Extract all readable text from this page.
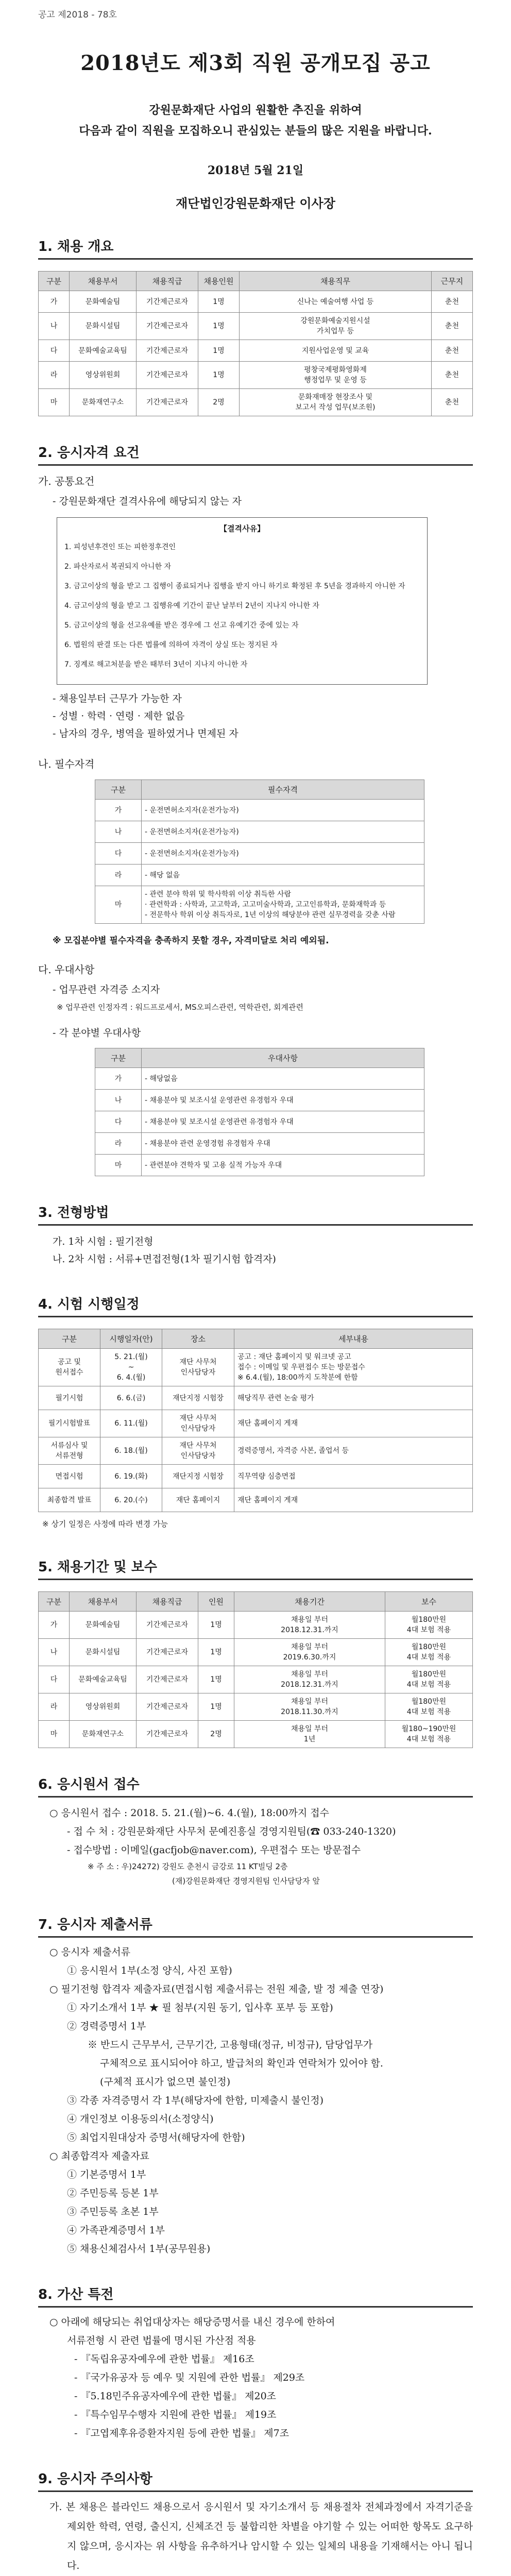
공고 제2018 - 78호
2018년도 제3회 직원 공개모집 공고

강원문화재단 사업의 원활한 추진을 위하여

다음과 같이 직원을 모집하오니 관심있는 분들의 많은 지원을 바랍니다.

2018년 5월 21일
재단법인강원문화재단 이사장
1. 채용 개요
구분	채용부서	채용직급	채용인원	채용직무	근무지
가	문화예술팀	기간제근로자	1명	신나는 예술여행 사업 등	춘천
나	문화시설팀	기간제근로자	1명	강원문화예술지원시설
가치업무 등	춘천
다	문화예술교육팀	기간제근로자	1명	지원사업운영 및 교육	춘천
라	영상위원회	기간제근로자	1명	평창국제평화영화제
행정업무 및 운영 등	춘천
마	문화재연구소	기간제근로자	2명	문화재매장 현장조사 및
보고서 작성 업무(보조원)	춘천
2. 응시자격 요건

가. 공통요건

- 강원문화재단 결격사유에 해당되지 않는 자

【결격사유】

1. 피성년후견인 또는 피한정후견인

2. 파산자로서 복권되지 아니한 자

3. 금고이상의 형을 받고 그 집행이 종료되거나 집행을 받지 아니 하기로 확정된 후 5년을 경과하지 아니한 자

4. 금고이상의 형을 받고 그 집행유예 기간이 끝난 날부터 2년이 지나지 아니한 자

5. 금고이상의 형을 선고유예를 받은 경우에 그 선고 유예기간 중에 있는 자

6. 법원의 판결 또는 다른 법률에 의하여 자격이 상실 또는 정지된 자

7. 징계로 해고처분을 받은 때부터 3년이 지나지 아니한 자

- 채용일부터 근무가 가능한 자

- 성별 · 학력 · 연령 · 제한 없음

- 남자의 경우, 병역을 필하였거나 면제된 자

나. 필수자격

구분	필수자격
가	- 운전면허소지자(운전가능자)
나	- 운전면허소지자(운전가능자)
다	- 운전면허소지자(운전가능자)
라	- 해당 없음
마	- 관련 분야 학위 및 학사학위 이상 취득한 사람
· 관련학과 : 사학과, 고고학과, 고고미술사학과, 고고인류학과, 문화재학과 등
- 전문학사 학위 이상 취득자로, 1년 이상의 해당분야 관련 실무경력을 갖춘 사람

※ 모집분야별 필수자격을 충족하지 못할 경우, 자격미달로 처리 예외됨.

다. 우대사항

- 업무관련 자격증 소지자

※ 업무관련 인정자격 : 워드프로세서, MS오피스관련, 역학관련, 회계관련

- 각 분야별 우대사항

구분	우대사항
가	- 해당없음
나	- 채용분야 및 보조시설 운영관련 유경험자 우대
다	- 채용분야 및 보조시설 운영관련 유경험자 우대
라	- 채용분야 관련 운영경험 유경험자 우대
마	- 관련분야 견학자 및 고용 실적 가능자 우대
3. 전형방법

가. 1차 시험 : 필기전형

나. 2차 시험 : 서류+면접전형(1차 필기시험 합격자)

4. 시험 시행일정
구분	시행일자(안)	장소	세부내용
공고 및
원서접수	5. 21.(월)
~
6. 4.(월)	재단 사무처
인사담당자	공고 : 재단 홈페이지 및 워크넷 공고
접수 : 이메일 및 우편접수 또는 방문접수
※ 6.4.(월), 18:00까지 도착분에 한함
필기시험	6. 6.(금)	재단지정 시험장	해당직무 관련 논술 평가
필기시험발표	6. 11.(월)	재단 사무처
인사담당자	재단 홈페이지 게재
서류심사 및
서류전형	6. 18.(월)	재단 사무처
인사담당자	경력증명서, 자격증 사본, 졸업서 등
면접시험	6. 19.(화)	재단지정 시험장	직무역량 심층면접
최종합격 발표	6. 20.(수)	재단 홈페이지	재단 홈페이지 게재

※ 상기 일정은 사정에 따라 변경 가능

5. 채용기간 및 보수
구분	채용부서	채용직급	인원	채용기간	보수
가	문화예술팀	기간제근로자	1명	채용일 부터
2018.12.31.까지	월180만원
4대 보험 적용
나	문화시설팀	기간제근로자	1명	채용일 부터
2019.6.30.까지	월180만원
4대 보험 적용
다	문화예술교육팀	기간제근로자	1명	채용일 부터
2018.12.31.까지	월180만원
4대 보험 적용
라	영상위원회	기간제근로자	1명	채용일 부터
2018.11.30.까지	월180만원
4대 보험 적용
마	문화재연구소	기간제근로자	2명	채용일 부터
1년	월180~190만원
4대 보험 적용
6. 응시원서 접수

○ 응시원서 접수 : 2018. 5. 21.(월)~6. 4.(월), 18:00까지 접수

- 접 수 처 : 강원문화재단 사무처 문예진흥실 경영지원팀(☎ 033-240-1320)

- 접수방법 : 이메일(gacfjob@naver.com), 우편접수 또는 방문접수

※ 주 소 : 우)24272) 강원도 춘천시 금강로 11 KT빌딩 2층

(재)강원문화재단 경영지원팀 인사담당자 앞

7. 응시자 제출서류

○ 응시자 제출서류

① 응시원서 1부(소정 양식, 사진 포함)

○ 필기전형 합격자 제출자료(면접시험 제출서류는 전원 제출, 발 정 제출 연장)

① 자기소개서 1부 ★ 필 첨부(지원 동기, 입사후 포부 등 포함)

② 경력증명서 1부

※ 반드시 근무부서, 근무기간, 고용형태(정규, 비정규), 담당업무가

구체적으로 표시되어야 하고, 발급처의 확인과 연락처가 있어야 함.

(구체적 표시가 없으면 불인정)

③ 각종 자격증명서 각 1부(해당자에 한함, 미제출시 불인정)

④ 개인정보 이용동의서(소정양식)

⑤ 최업지원대상자 증명서(해당자에 한함)

○ 최종합격자 제출자료

① 기본증명서 1부

② 주민등록 등본 1부

③ 주민등록 초본 1부

④ 가족관계증명서 1부

⑤ 채용신체검사서 1부(공무원용)

8. 가산 특전

○ 아래에 해당되는 취업대상자는 해당증명서를 내신 경우에 한하여

서류전형 시 관련 법률에 명시된 가산점 적용

- 『독립유공자예우에 관한 법률』 제16조

- 『국가유공자 등 예우 및 지원에 관한 법률』 제29조

- 『5.18민주유공자예우에 관한 법률』 제20조

- 『특수임무수행자 지원에 관한 법률』 제19조

- 『고엽제후유증환자지원 등에 관한 법률』 제7조

9. 응시자 주의사항

가. 본 채용은 블라인드 채용으로서 응시원서 및 자기소개서 등 채용절차 전체과정에서 자격기준을 제외한 학력, 연령, 출신지, 신체조건 등 불합리한 차별을 야기할 수 있는 어떠한 항목도 요구하지 않으며, 응시자는 위 사항을 유추하거나 암시할 수 있는 일체의 내용을 기재해서는 아니 됩니다.
